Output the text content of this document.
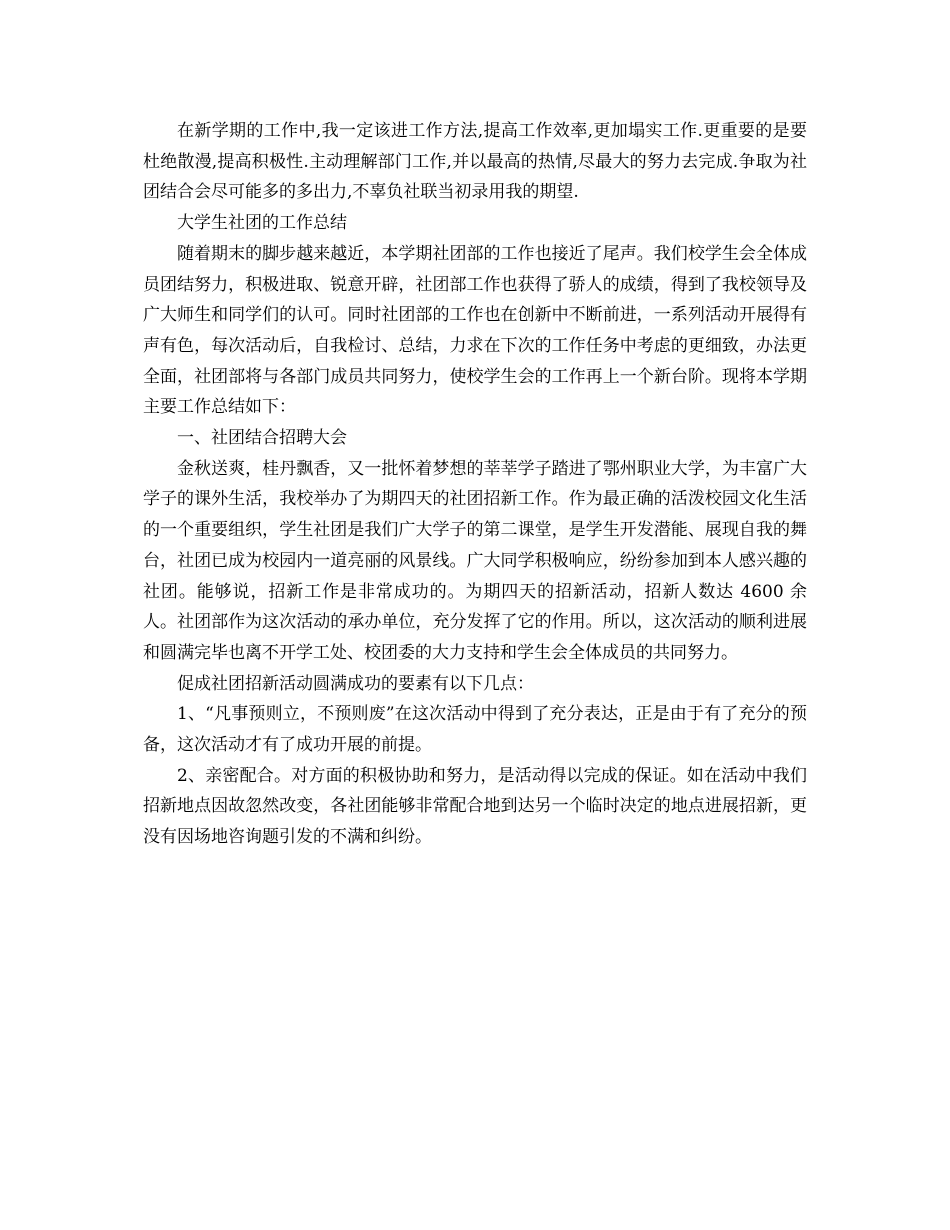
在新学期的工作中,我一定该进工作方法,提高工作效率,更加塌实工作.更重要的是要杜绝散漫,提高积极性.主动理解部门工作,并以最高的热情,尽最大的努力去完成.争取为社团结合会尽可能多的多出力,不辜负社联当初录用我的期望.

大学生社团的工作总结

随着期末的脚步越来越近，本学期社团部的工作也接近了尾声。我们校学生会全体成员团结努力，积极进取、锐意开辟，社团部工作也获得了骄人的成绩，得到了我校领导及广大师生和同学们的认可。同时社团部的工作也在创新中不断前进，一系列活动开展得有声有色，每次活动后，自我检讨、总结，力求在下次的工作任务中考虑的更细致，办法更全面，社团部将与各部门成员共同努力，使校学生会的工作再上一个新台阶。现将本学期主要工作总结如下：

一、社团结合招聘大会

金秋送爽，桂丹飘香，又一批怀着梦想的莘莘学子踏进了鄂州职业大学，为丰富广大学子的课外生活，我校举办了为期四天的社团招新工作。作为最正确的活泼校园文化生活的一个重要组织，学生社团是我们广大学子的第二课堂，是学生开发潜能、展现自我的舞台，社团已成为校园内一道亮丽的风景线。广大同学积极响应，纷纷参加到本人感兴趣的社团。能够说，招新工作是非常成功的。为期四天的招新活动，招新人数达 4600 余人。社团部作为这次活动的承办单位，充分发挥了它的作用。所以，这次活动的顺利进展和圆满完毕也离不开学工处、校团委的大力支持和学生会全体成员的共同努力。

促成社团招新活动圆满成功的要素有以下几点：

1、“凡事预则立，不预则废”在这次活动中得到了充分表达，正是由于有了充分的预备，这次活动才有了成功开展的前提。

2、亲密配合。对方面的积极协助和努力，是活动得以完成的保证。如在活动中我们招新地点因故忽然改变，各社团能够非常配合地到达另一个临时决定的地点进展招新，更没有因场地咨询题引发的不满和纠纷。
